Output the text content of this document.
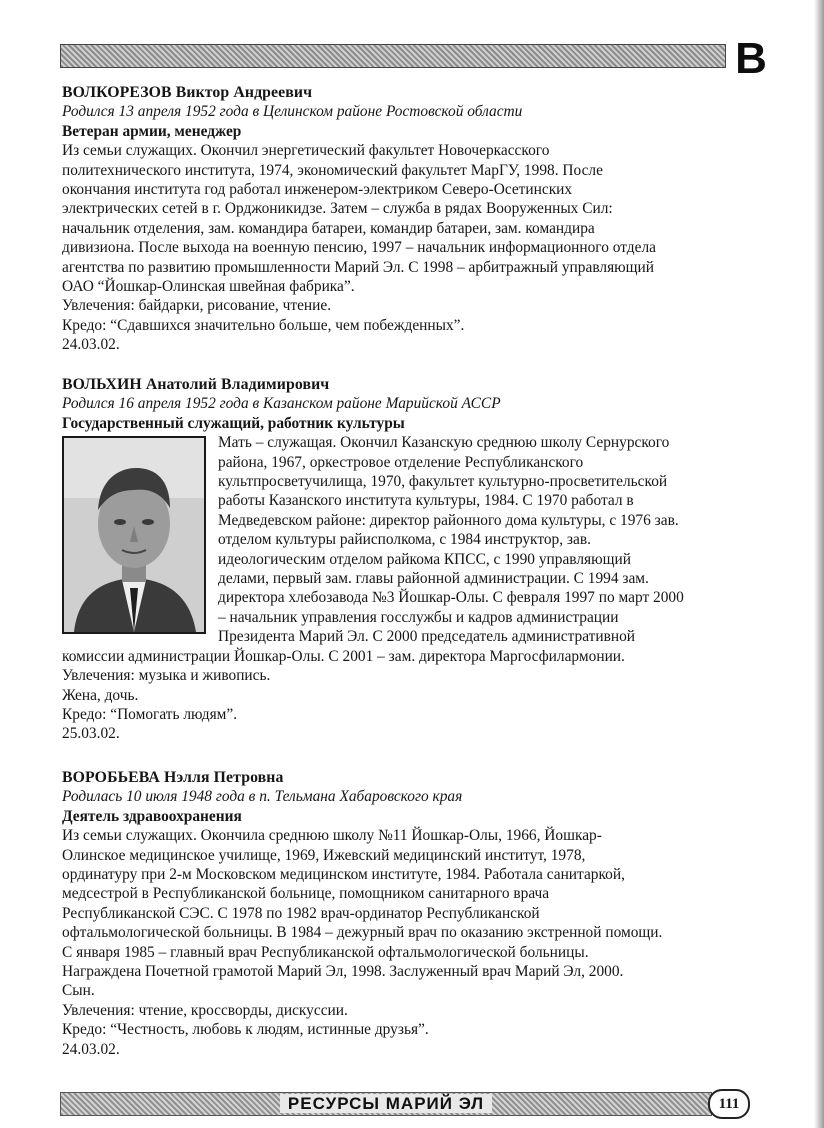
В
ВОЛКОРЕЗОВ Виктор Андреевич
Родился 13 апреля 1952 года в Целинском районе Ростовской области
Ветеран армии, менеджер
Из семьи служащих. Окончил энергетический факультет Новочеркасского
политехнического института, 1974, экономический факультет МарГУ, 1998. После
окончания института год работал инженером-электриком Северо-Осетинских
электрических сетей в г. Орджоникидзе. Затем – служба в рядах Вооруженных Сил:
начальник отделения, зам. командира батареи, командир батареи, зам. командира
дивизиона. После выхода на военную пенсию, 1997 – начальник информационного отдела
агентства по развитию промышленности Марий Эл. С 1998 – арбитражный управляющий
ОАО “Йошкар-Олинская швейная фабрика”.
Увлечения: байдарки, рисование, чтение.
Кредо: “Сдавшихся значительно больше, чем побежденных”.
24.03.02.
ВОЛЬХИН Анатолий Владимирович
Родился 16 апреля 1952 года в Казанском районе Марийской АССР
Государственный служащий, работник культуры
Мать – служащая. Окончил Казанскую среднюю школу Сернурского
района, 1967, оркестровое отделение Республиканского
культпросветучилища, 1970, факультет культурно-просветительской
работы Казанского института культуры, 1984. С 1970 работал в
Медведевском районе: директор районного дома культуры, с 1976 зав.
отделом культуры райисполкома, с 1984 инструктор, зав.
идеологическим отделом райкома КПСС, с 1990 управляющий
делами, первый зам. главы районной администрации. С 1994 зам.
директора хлебозавода №3 Йошкар-Олы. С февраля 1997 по март 2000
– начальник управления госслужбы и кадров администрации
Президента Марий Эл. С 2000 председатель административной
комиссии администрации Йошкар-Олы. С 2001 – зам. директора Маргосфилармонии.
Увлечения: музыка и живопись.
Жена, дочь.
Кредо: “Помогать людям”.
25.03.02.
ВОРОБЬЕВА Нэлля Петровна
Родилась 10 июля 1948 года в п. Тельмана Хабаровского края
Деятель здравоохранения
Из семьи служащих. Окончила среднюю школу №11 Йошкар-Олы, 1966, Йошкар-
Олинское медицинское училище, 1969, Ижевский медицинский институт, 1978,
ординатуру при 2-м Московском медицинском институте, 1984. Работала санитаркой,
медсестрой в Республиканской больнице, помощником санитарного врача
Республиканской СЭС. С 1978 по 1982 врач-ординатор Республиканской
офтальмологической больницы. В 1984 – дежурный врач по оказанию экстренной помощи.
С января 1985 – главный врач Республиканской офтальмологической больницы.
Награждена Почетной грамотой Марий Эл, 1998. Заслуженный врач Марий Эл, 2000.
Сын.
Увлечения: чтение, кроссворды, дискуссии.
Кредо: “Честность, любовь к людям, истинные друзья”.
24.03.02.
РЕСУРСЫ МАРИЙ ЭЛ	111
